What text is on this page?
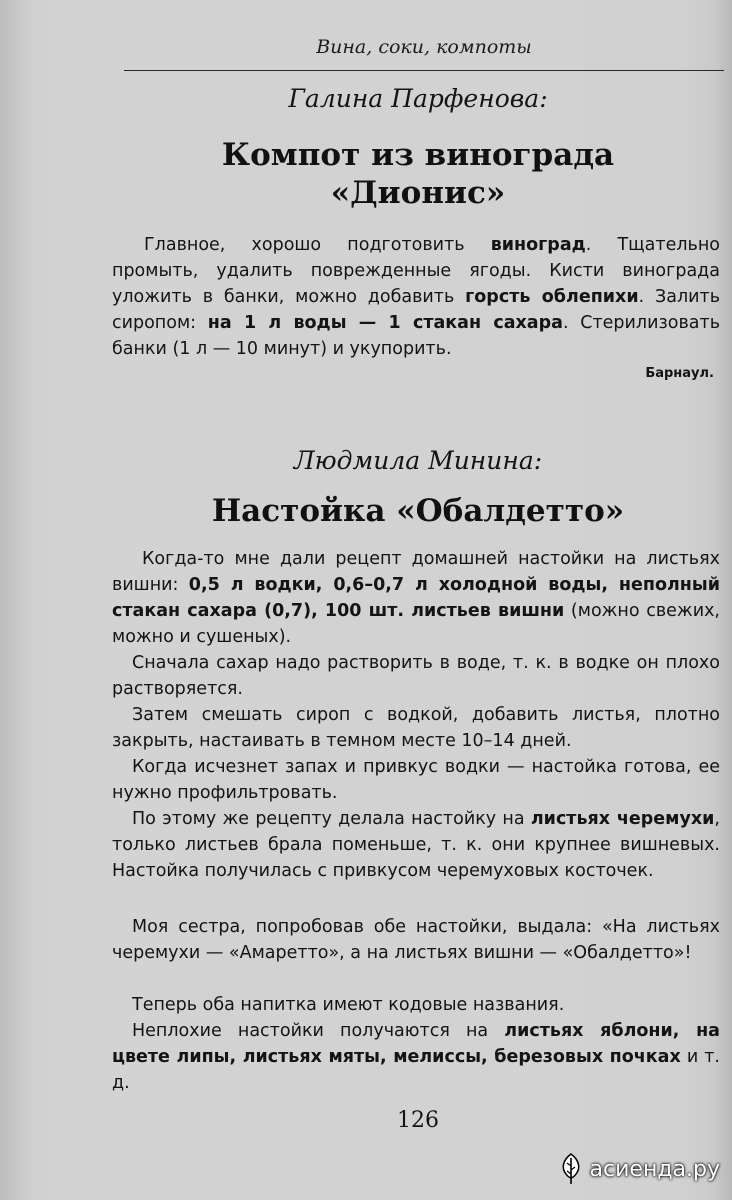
Вина, соки, компоты
Галина Парфенова:
Компот из винограда
«Дионис»

Главное, хорошо подготовить виноград. Тщательно промыть, удалить поврежденные ягоды. Кисти винограда уложить в банки, можно добавить горсть облепихи. Залить сиропом: на 1 л воды — 1 стакан сахара. Стерилизовать банки (1 л — 10 минут) и укупорить.

Барнаул.
Людмила Минина:
Настойка «Обалдетто»

Когда-то мне дали рецепт домашней настойки на листьях вишни: 0,5 л водки, 0,6–0,7 л холодной воды, неполный стакан сахара (0,7), 100 шт. листьев вишни (можно свежих, можно и сушеных).

Сначала сахар надо растворить в воде, т. к. в водке он плохо растворяется.

Затем смешать сироп с водкой, добавить листья, плотно закрыть, настаивать в темном месте 10–14 дней.

Когда исчезнет запах и привкус водки — настойка готова, ее нужно профильтровать.

По этому же рецепту делала настойку на листьях черемухи, только листьев брала поменьше, т. к. они крупнее вишневых. Настойка получилась с привкусом черемуховых косточек.

Моя сестра, попробовав обе настойки, выдала: «На листьях черемухи — «Амаретто», а на листьях вишни — «Обалдетто»!

Теперь оба напитка имеют кодовые названия.

Неплохие настойки получаются на листьях яблони, на цвете липы, листьях мяты, мелиссы, березовых почках и т. д.

126
асиенда.ру
